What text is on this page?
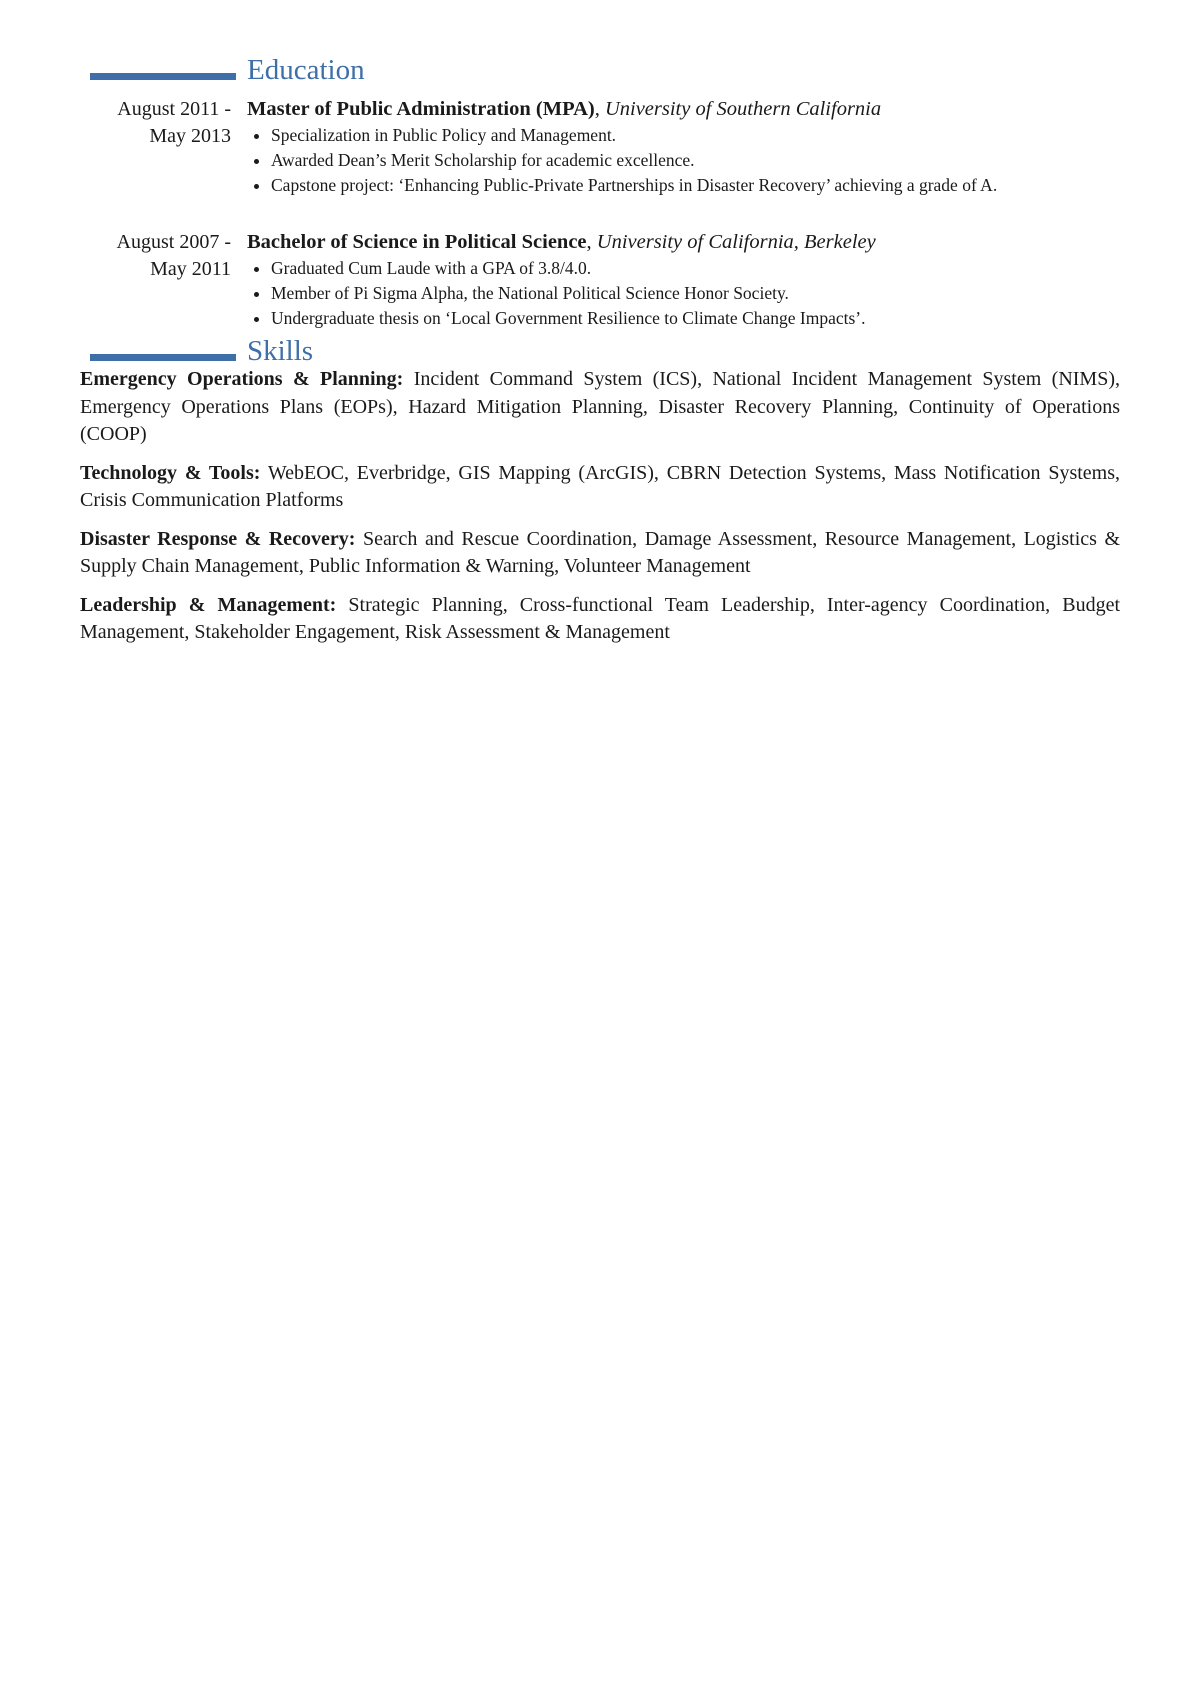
Education
August 2011 -
May 2013
Master of Public Administration (MPA), University of Southern California
• Specialization in Public Policy and Management.
• Awarded Dean’s Merit Scholarship for academic excellence.
• Capstone project: ‘Enhancing Public-Private Partnerships in Disaster Recovery’ achieving a grade of A.
August 2007 -
May 2011
Bachelor of Science in Political Science, University of California, Berkeley
• Graduated Cum Laude with a GPA of 3.8/4.0.
• Member of Pi Sigma Alpha, the National Political Science Honor Society.
• Undergraduate thesis on ‘Local Government Resilience to Climate Change Impacts’.
Skills
Emergency Operations & Planning: Incident Command System (ICS), National Incident Management System (NIMS), Emergency Operations Plans (EOPs), Hazard Mitigation Planning, Disaster Recovery Planning, Continuity of Operations (COOP)
Technology & Tools: WebEOC, Everbridge, GIS Mapping (ArcGIS), CBRN Detection Systems, Mass Notification Systems, Crisis Communication Platforms
Disaster Response & Recovery: Search and Rescue Coordination, Damage Assessment, Resource Management, Logistics & Supply Chain Management, Public Information & Warning, Volunteer Management
Leadership & Management: Strategic Planning, Cross-functional Team Leadership, Inter-agency Coordination, Budget Management, Stakeholder Engagement, Risk Assessment & Management
